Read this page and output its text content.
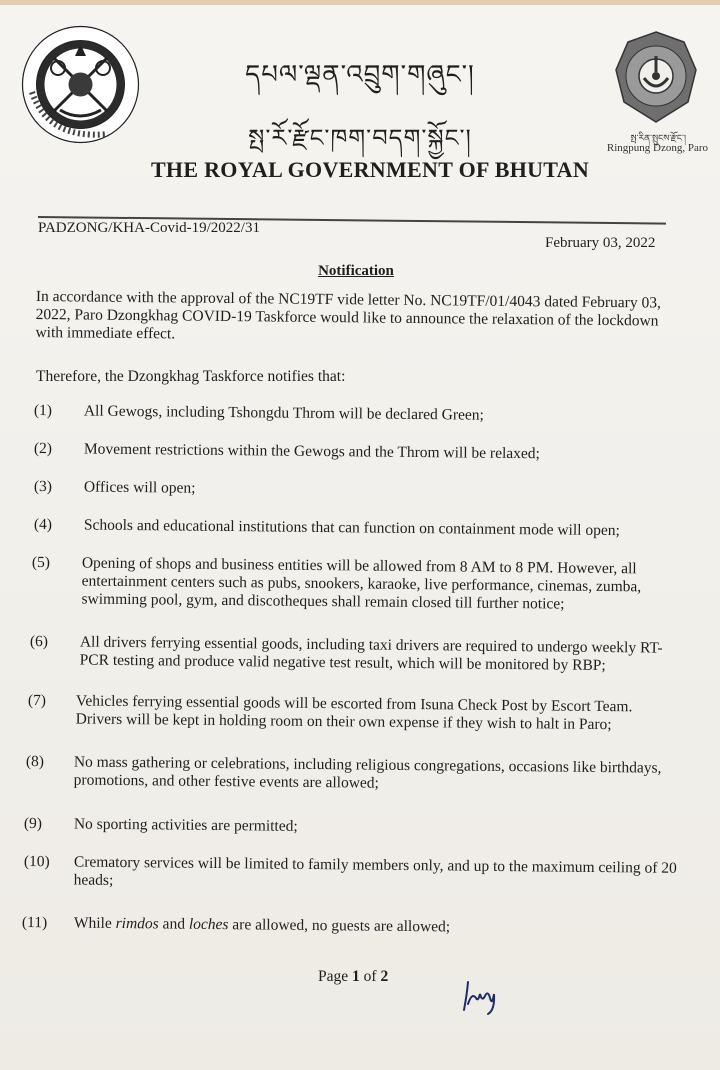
དཔལ་ལྡན་འབྲུག་གཞུང་།
སྤ་རོ་རྫོང་ཁག་བདག་སྐྱོང་།
THE ROYAL GOVERNMENT OF BHUTAN
སྤ་རིན་སྤུངས་རྫོང་།
Ringpung Dzong, Paro
PADZONG/KHA-Covid-19/2022/31
February 03, 2022
Notification
In accordance with the approval of the NC19TF vide letter No. NC19TF/01/4043 dated February 03, 2022, Paro Dzongkhag COVID-19 Taskforce would like to announce the relaxation of the lockdown with immediate effect.
Therefore, the Dzongkhag Taskforce notifies that:
(1) All Gewogs, including Tshongdu Throm will be declared Green;
(2) Movement restrictions within the Gewogs and the Throm will be relaxed;
(3) Offices will open;
(4) Schools and educational institutions that can function on containment mode will open;
(5) Opening of shops and business entities will be allowed from 8 AM to 8 PM. However, all entertainment centers such as pubs, snookers, karaoke, live performance, cinemas, zumba, swimming pool, gym, and discotheques shall remain closed till further notice;
(6) All drivers ferrying essential goods, including taxi drivers are required to undergo weekly RT-PCR testing and produce valid negative test result, which will be monitored by RBP;
(7) Vehicles ferrying essential goods will be escorted from Isuna Check Post by Escort Team. Drivers will be kept in holding room on their own expense if they wish to halt in Paro;
(8) No mass gathering or celebrations, including religious congregations, occasions like birthdays, promotions, and other festive events are allowed;
(9) No sporting activities are permitted;
(10) Crematory services will be limited to family members only, and up to the maximum ceiling of 20 heads;
(11) While rimdos and loches are allowed, no guests are allowed;
Page 1 of 2
